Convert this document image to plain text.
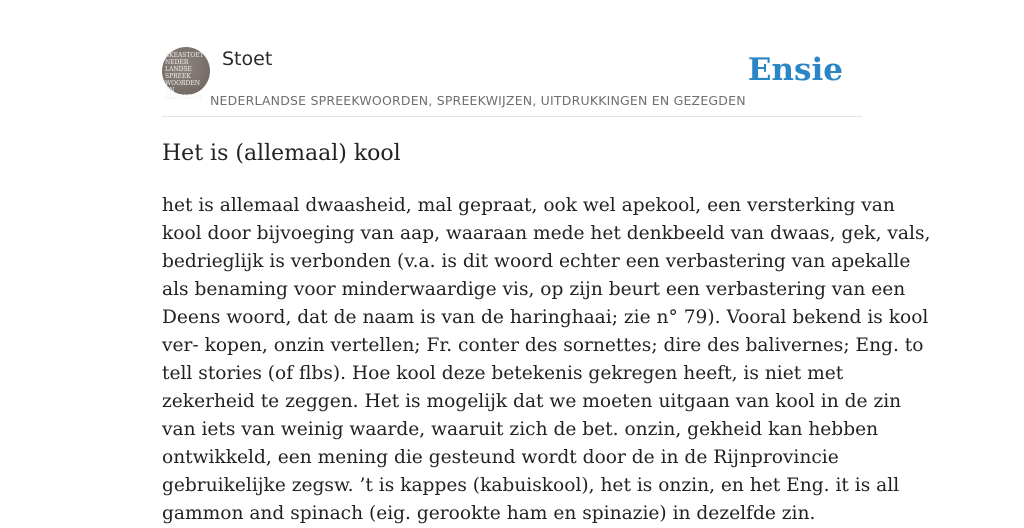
SKEASTOET
NEDER
LANDSE
SPREEK
WOORDEN EN
GEZEGDEN
Stoet
NEDERLANDSE SPREEKWOORDEN, SPREEKWIJZEN, UITDRUKKINGEN EN GEZEGDEN
Ensie
Het is (allemaal) kool
het is allemaal dwaasheid, mal gepraat, ook wel apekool, een versterking van
kool door bijvoeging van aap, waaraan mede het denkbeeld van dwaas, gek, vals,
bedrieglijk is verbonden (v.a. is dit woord echter een verbastering van apekalle
als benaming voor minderwaardige vis, op zijn beurt een verbastering van een
Deens woord, dat de naam is van de haringhaai; zie n° 79). Vooral bekend is kool
ver- kopen, onzin vertellen; Fr. conter des sornettes; dire des balivernes; Eng. to
tell stories (of flbs). Hoe kool deze betekenis gekregen heeft, is niet met
zekerheid te zeggen. Het is mogelijk dat we moeten uitgaan van kool in de zin
van iets van weinig waarde, waaruit zich de bet. onzin, gekheid kan hebben
ontwikkeld, een mening die gesteund wordt door de in de Rijnprovincie
gebruikelijke zegsw. ’t is kappes (kabuiskool), het is onzin, en het Eng. it is all
gammon and spinach (eig. gerookte ham en spinazie) in dezelfde zin.
